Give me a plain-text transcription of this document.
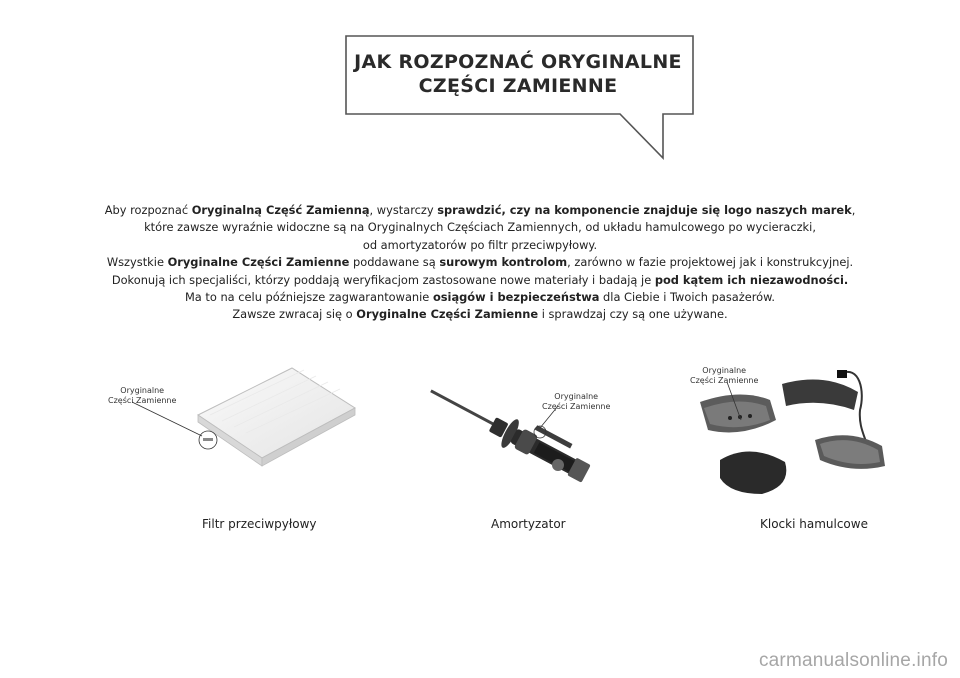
JAK ROZPOZNAĆ ORYGINALNE
CZĘŚCI ZAMIENNE
Aby rozpoznać Oryginalną Część Zamienną, wystarczy sprawdzić, czy na komponencie znajduje się logo naszych marek,
które zawsze wyraźnie widoczne są na Oryginalnych Częściach Zamiennych, od układu hamulcowego po wycieraczki,
od amortyzatorów po filtr przeciwpyłowy.
Wszystkie Oryginalne Części Zamienne poddawane są surowym kontrolom, zarówno w fazie projektowej jak i konstrukcyjnej.
Dokonują ich specjaliści, którzy poddają weryfikacjom zastosowane nowe materiały i badają je pod kątem ich niezawodności.
Ma to na celu późniejsze zagwarantowanie osiągów i bezpieczeństwa dla Ciebie i Twoich pasażerów.
Zawsze zwracaj się o Oryginalne Części Zamienne i sprawdzaj czy są one używane.
Oryginalne
Części Zamienne
Filtr przeciwpyłowy
Oryginalne
Części Zamienne
Amortyzator
Oryginalne
Części Zamienne
Klocki hamulcowe
carmanualsonline.info
